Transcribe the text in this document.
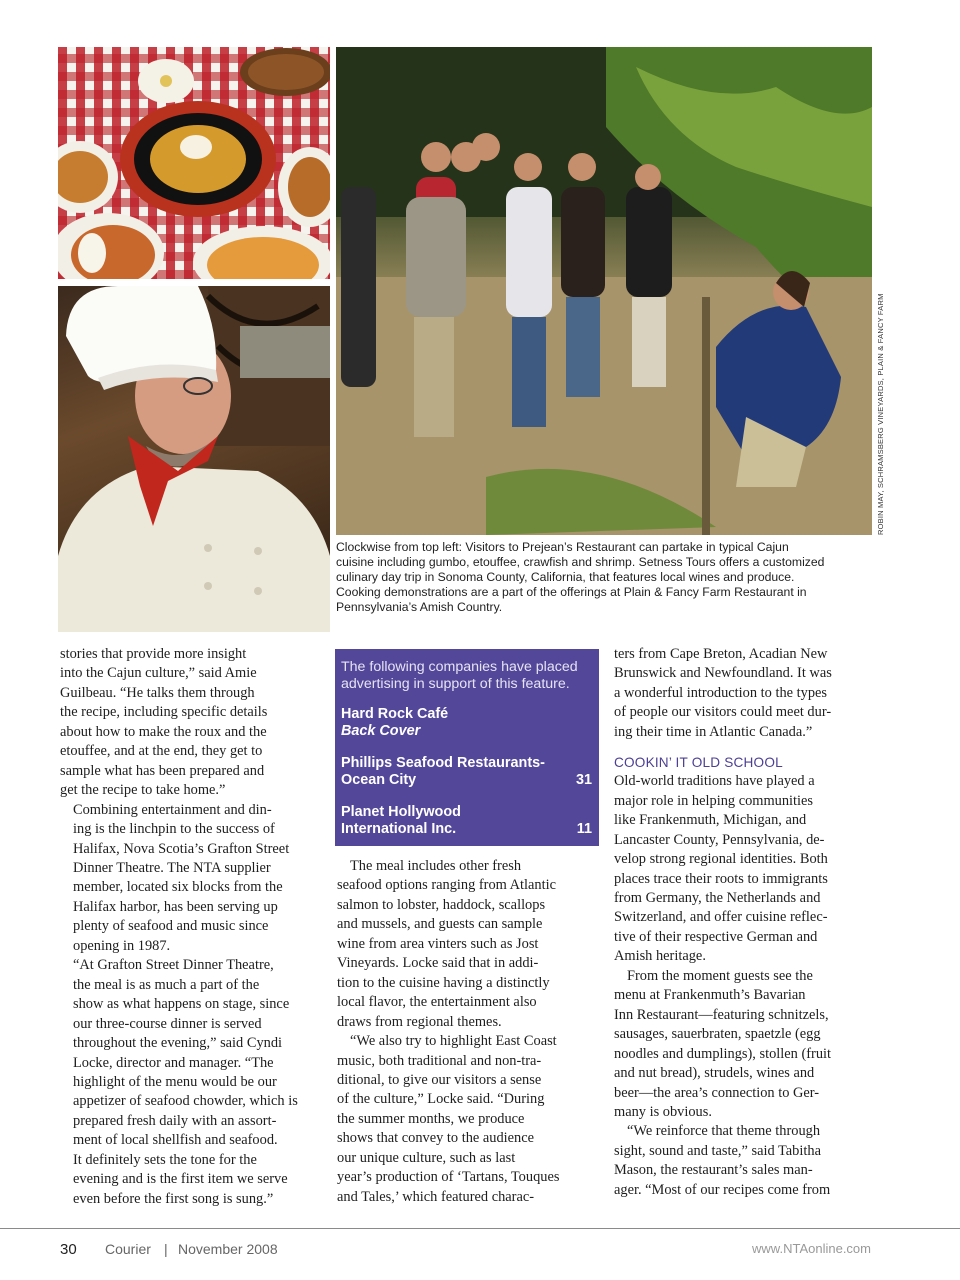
ROBIN MAY, SCHRAMSBERG VINEYARDS, PLAIN & FANCY FARM
Clockwise from top left: Visitors to Prejean’s Restaurant can partake in typical Cajun
cuisine including gumbo, etouffee, crawfish and shrimp. Setness Tours offers a customized
culinary day trip in Sonoma County, California, that features local wines and produce.
Cooking demonstrations are a part of the offerings at Plain & Fancy Farm Restaurant in
Pennsylvania’s Amish Country.

stories that provide more insight
into the Cajun culture,” said Amie
Guilbeau. “He talks them through
the recipe, including specific details
about how to make the roux and the
etouffee, and at the end, they get to
sample what has been prepared and
get the recipe to take home.”

Combining entertainment and din-
ing is the linchpin to the success of
Halifax, Nova Scotia’s Grafton Street
Dinner Theatre. The NTA supplier
member, located six blocks from the
Halifax harbor, has been serving up
plenty of seafood and music since
opening in 1987.

“At Grafton Street Dinner Theatre,
the meal is as much a part of the
show as what happens on stage, since
our three-course dinner is served
throughout the evening,” said Cyndi
Locke, director and manager. “The
highlight of the menu would be our
appetizer of seafood chowder, which is
prepared fresh daily with an assort-
ment of local shellfish and seafood.
It definitely sets the tone for the
evening and is the first item we serve
even before the first song is sung.”

The following companies have placed
advertising in support of this feature.
Hard Rock Café
Back Cover
Phillips Seafood Restaurants-
Ocean City	31
Planet Hollywood
International Inc.	11

The meal includes other fresh
seafood options ranging from Atlantic
salmon to lobster, haddock, scallops
and mussels, and guests can sample
wine from area vinters such as Jost
Vineyards. Locke said that in addi-
tion to the cuisine having a distinctly
local flavor, the entertainment also
draws from regional themes.

“We also try to highlight East Coast
music, both traditional and non-tra-
ditional, to give our visitors a sense
of the culture,” Locke said. “During
the summer months, we produce
shows that convey to the audience
our unique culture, such as last
year’s production of ‘Tartans, Touques
and Tales,’ which featured charac-

ters from Cape Breton, Acadian New
Brunswick and Newfoundland. It was
a wonderful introduction to the types
of people our visitors could meet dur-
ing their time in Atlantic Canada.”

COOKIN’ IT OLD SCHOOL

Old-world traditions have played a
major role in helping communities
like Frankenmuth, Michigan, and
Lancaster County, Pennsylvania, de-
velop strong regional identities. Both
places trace their roots to immigrants
from Germany, the Netherlands and
Switzerland, and offer cuisine reflec-
tive of their respective German and
Amish heritage.

From the moment guests see the
menu at Frankenmuth’s Bavarian
Inn Restaurant—featuring schnitzels,
sausages, sauerbraten, spaetzle (egg
noodles and dumplings), stollen (fruit
and nut bread), strudels, wines and
beer—the area’s connection to Ger-
many is obvious.

“We reinforce that theme through
sight, sound and taste,” said Tabitha
Mason, the restaurant’s sales man-
ager. “Most of our recipes come from

30 Courier | November 2008	www.NTAonline.com
